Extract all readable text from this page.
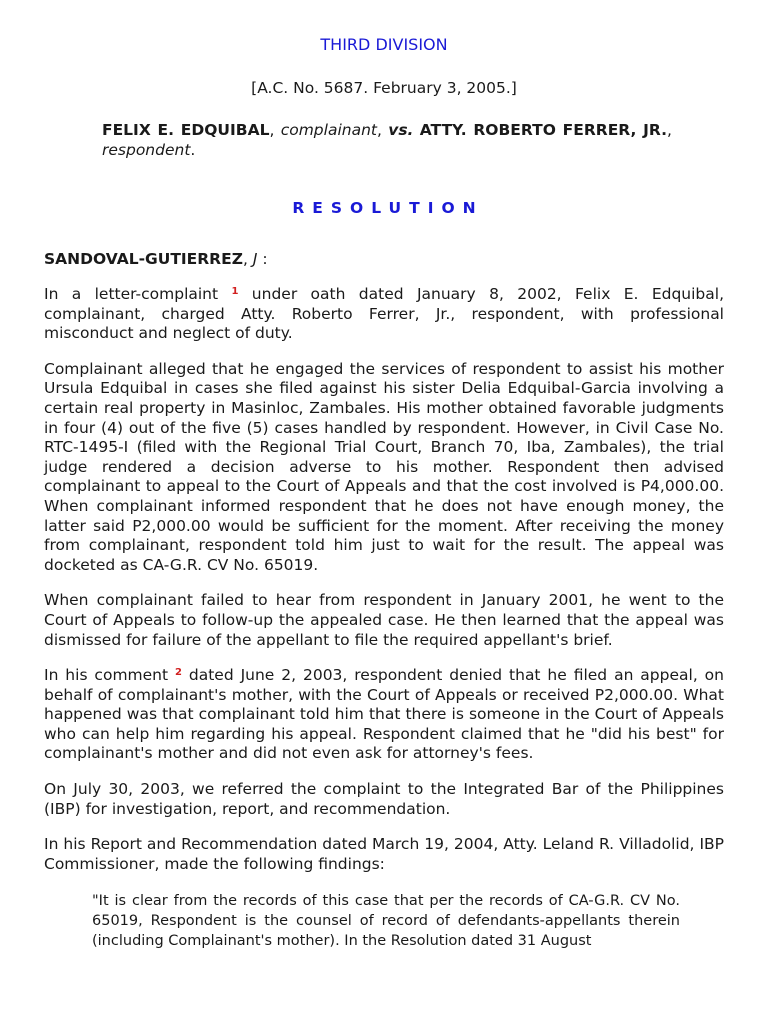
THIRD DIVISION
[A.C. No. 5687. February 3, 2005.]
FELIX E. EDQUIBAL, complainant, vs. ATTY. ROBERTO FERRER, JR., respondent.
RESOLUTION
SANDOVAL-GUTIERREZ, J :

In a letter-complaint $^1$ under oath dated January 8, 2002, Felix E. Edquibal, complainant, charged Atty. Roberto Ferrer, Jr., respondent, with professional misconduct and neglect of duty.

Complainant alleged that he engaged the services of respondent to assist his mother Ursula Edquibal in cases she filed against his sister Delia Edquibal-Garcia involving a certain real property in Masinloc, Zambales. His mother obtained favorable judgments in four (4) out of the five (5) cases handled by respondent. However, in Civil Case No. RTC-1495-I (filed with the Regional Trial Court, Branch 70, Iba, Zambales), the trial judge rendered a decision adverse to his mother. Respondent then advised complainant to appeal to the Court of Appeals and that the cost involved is P4,000.00. When complainant informed respondent that he does not have enough money, the latter said P2,000.00 would be sufficient for the moment. After receiving the money from complainant, respondent told him just to wait for the result. The appeal was docketed as CA-G.R. CV No. 65019.

When complainant failed to hear from respondent in January 2001, he went to the Court of Appeals to follow-up the appealed case. He then learned that the appeal was dismissed for failure of the appellant to file the required appellant's brief.

In his comment $^2$ dated June 2, 2003, respondent denied that he filed an appeal, on behalf of complainant's mother, with the Court of Appeals or received P2,000.00. What happened was that complainant told him that there is someone in the Court of Appeals who can help him regarding his appeal. Respondent claimed that he "did his best" for complainant's mother and did not even ask for attorney's fees.

On July 30, 2003, we referred the complaint to the Integrated Bar of the Philippines (IBP) for investigation, report, and recommendation.

In his Report and Recommendation dated March 19, 2004, Atty. Leland R. Villadolid, IBP Commissioner, made the following findings:

"It is clear from the records of this case that per the records of CA-G.R. CV No. 65019, Respondent is the counsel of record of defendants-appellants therein (including Complainant's mother). In the Resolution dated 31 August
